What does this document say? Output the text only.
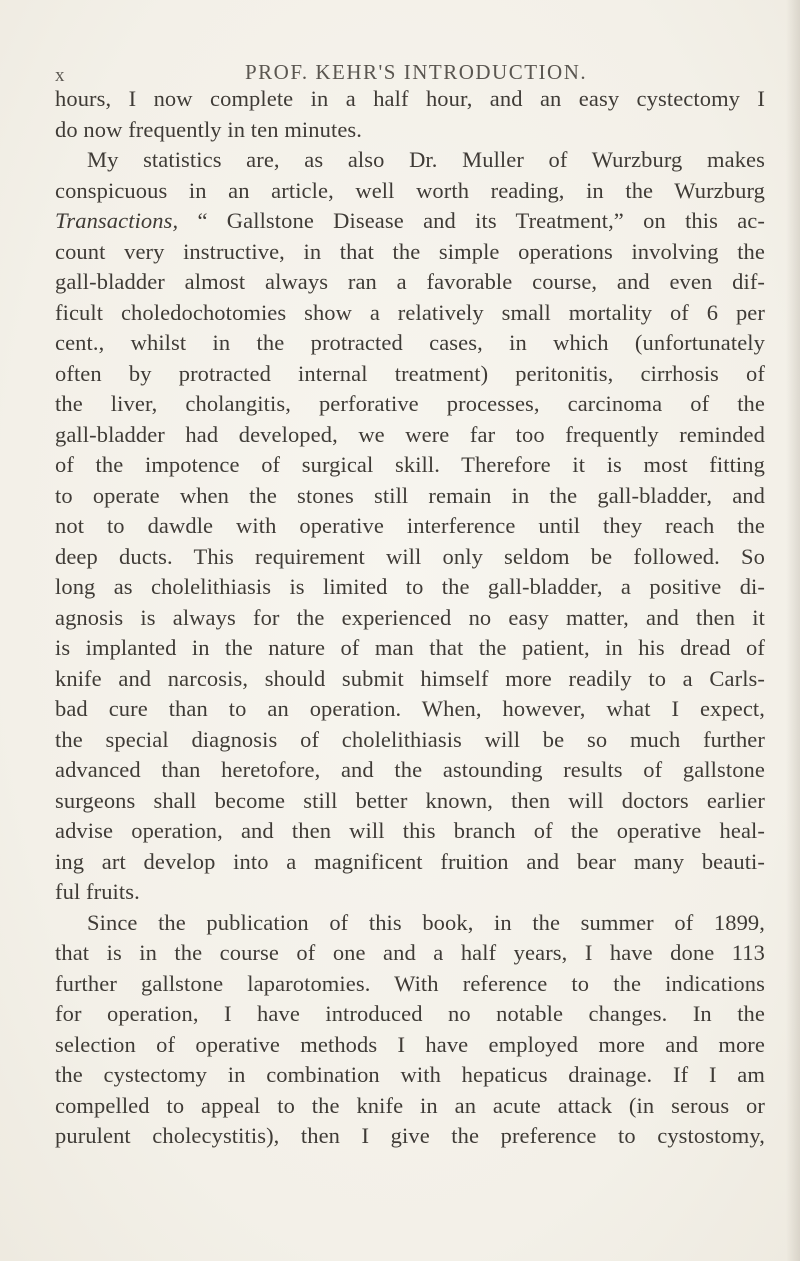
x	PROF. KEHR'S INTRODUCTION.
hours, I now complete in a half hour, and an easy cystectomy I
do now frequently in ten minutes.
My statistics are, as also Dr. Muller of Wurzburg makes
conspicuous in an article, well worth reading, in the Wurzburg
Transactions, “ Gallstone Disease and its Treatment,” on this ac-
count very instructive, in that the simple operations involving the
gall-bladder almost always ran a favorable course, and even dif-
ficult choledochotomies show a relatively small mortality of 6 per
cent., whilst in the protracted cases, in which (unfortunately
often by protracted internal treatment) peritonitis, cirrhosis of
the liver, cholangitis, perforative processes, carcinoma of the
gall-bladder had developed, we were far too frequently reminded
of the impotence of surgical skill. Therefore it is most fitting
to operate when the stones still remain in the gall-bladder, and
not to dawdle with operative interference until they reach the
deep ducts. This requirement will only seldom be followed. So
long as cholelithiasis is limited to the gall-bladder, a positive di-
agnosis is always for the experienced no easy matter, and then it
is implanted in the nature of man that the patient, in his dread of
knife and narcosis, should submit himself more readily to a Carls-
bad cure than to an operation. When, however, what I expect,
the special diagnosis of cholelithiasis will be so much further
advanced than heretofore, and the astounding results of gallstone
surgeons shall become still better known, then will doctors earlier
advise operation, and then will this branch of the operative heal-
ing art develop into a magnificent fruition and bear many beauti-
ful fruits.
Since the publication of this book, in the summer of 1899,
that is in the course of one and a half years, I have done 113
further gallstone laparotomies. With reference to the indications
for operation, I have introduced no notable changes. In the
selection of operative methods I have employed more and more
the cystectomy in combination with hepaticus drainage. If I am
compelled to appeal to the knife in an acute attack (in serous or
purulent cholecystitis), then I give the preference to cystostomy,
